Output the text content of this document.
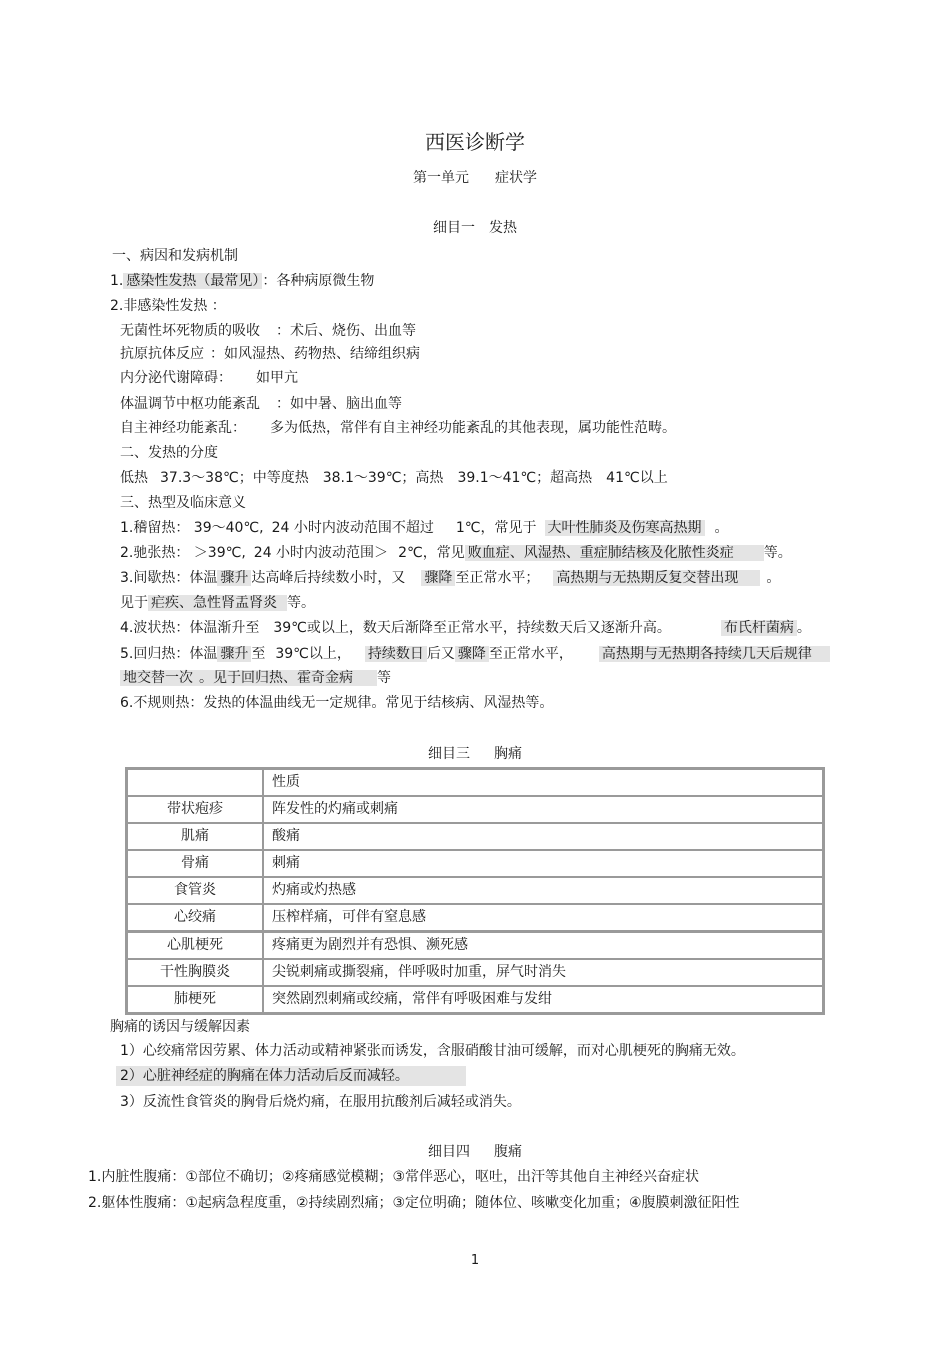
西医诊断学
第一单元 症状学
细目一 发热
一、病因和发病机制
1. 感染性发热（最常见） ：各种病原微生物
2.非感染性发热 ：
无菌性坏死物质的吸收 ：术后、烧伤、出血等
抗原抗体反应 ：如风湿热、药物热、结缔组织病
内分泌代谢障碍： 如甲亢
体温调节中枢功能紊乱 ：如中暑、脑出血等
自主神经功能紊乱： 多为低热，常伴有自主神经功能紊乱的其他表现，属功能性范畴。
二、发热的分度
低热 37.3～38℃；中等度热 38.1～39℃；高热 39.1～41℃；超高热 41℃以上
三、热型及临床意义
1.稽留热： 39～40℃, 24 小时内波动范围不超过 1℃，常见于 大叶性肺炎及伤寒高热期 。
2.驰张热： ＞39℃, 24 小时内波动范围＞ 2℃，常见 败血症、风湿热、重症肺结核及化脓性炎症 等。
3.间歇热：体温 骤升 达高峰后持续数小时，又 骤降 至正常水平； 高热期与无热期反复交替出现 。
见于 疟疾、急性肾盂肾炎 等。
4.波状热：体温渐升至 39℃或以上，数天后渐降至正常水平，持续数天后又逐渐升高。	布氏杆菌病 。
5.回归热：体温 骤升 至 39℃以上， 持续数日 后又 骤降 至正常水平， 高热期与无热期各持续几天后规律
地交替一次 。见于回归热、霍奇金病 等
6.不规则热：发热的体温曲线无一定规律。常见于结核病、风湿热等。
细目三 胸痛
	性质
带状疱疹	阵发性的灼痛或刺痛
肌痛	酸痛
骨痛	刺痛
食管炎	灼痛或灼热感
心绞痛	压榨样痛，可伴有窒息感
心肌梗死	疼痛更为剧烈并有恐惧、濒死感
干性胸膜炎	尖锐刺痛或撕裂痛，伴呼吸时加重，屏气时消失
肺梗死	突然剧烈刺痛或绞痛，常伴有呼吸困难与发绀
胸痛的诱因与缓解因素
1）心绞痛常因劳累、体力活动或精神紧张而诱发，含服硝酸甘油可缓解，而对心肌梗死的胸痛无效。
2）心脏神经症的胸痛在体力活动后反而减轻。
3）反流性食管炎的胸骨后烧灼痛，在服用抗酸剂后减轻或消失。
细目四 腹痛
1.内脏性腹痛：①部位不确切；②疼痛感觉模糊；③常伴恶心，呕吐，出汗等其他自主神经兴奋症状
2.躯体性腹痛：①起病急程度重，②持续剧烈痛；③定位明确；随体位、咳嗽变化加重；④腹膜刺激征阳性
1
